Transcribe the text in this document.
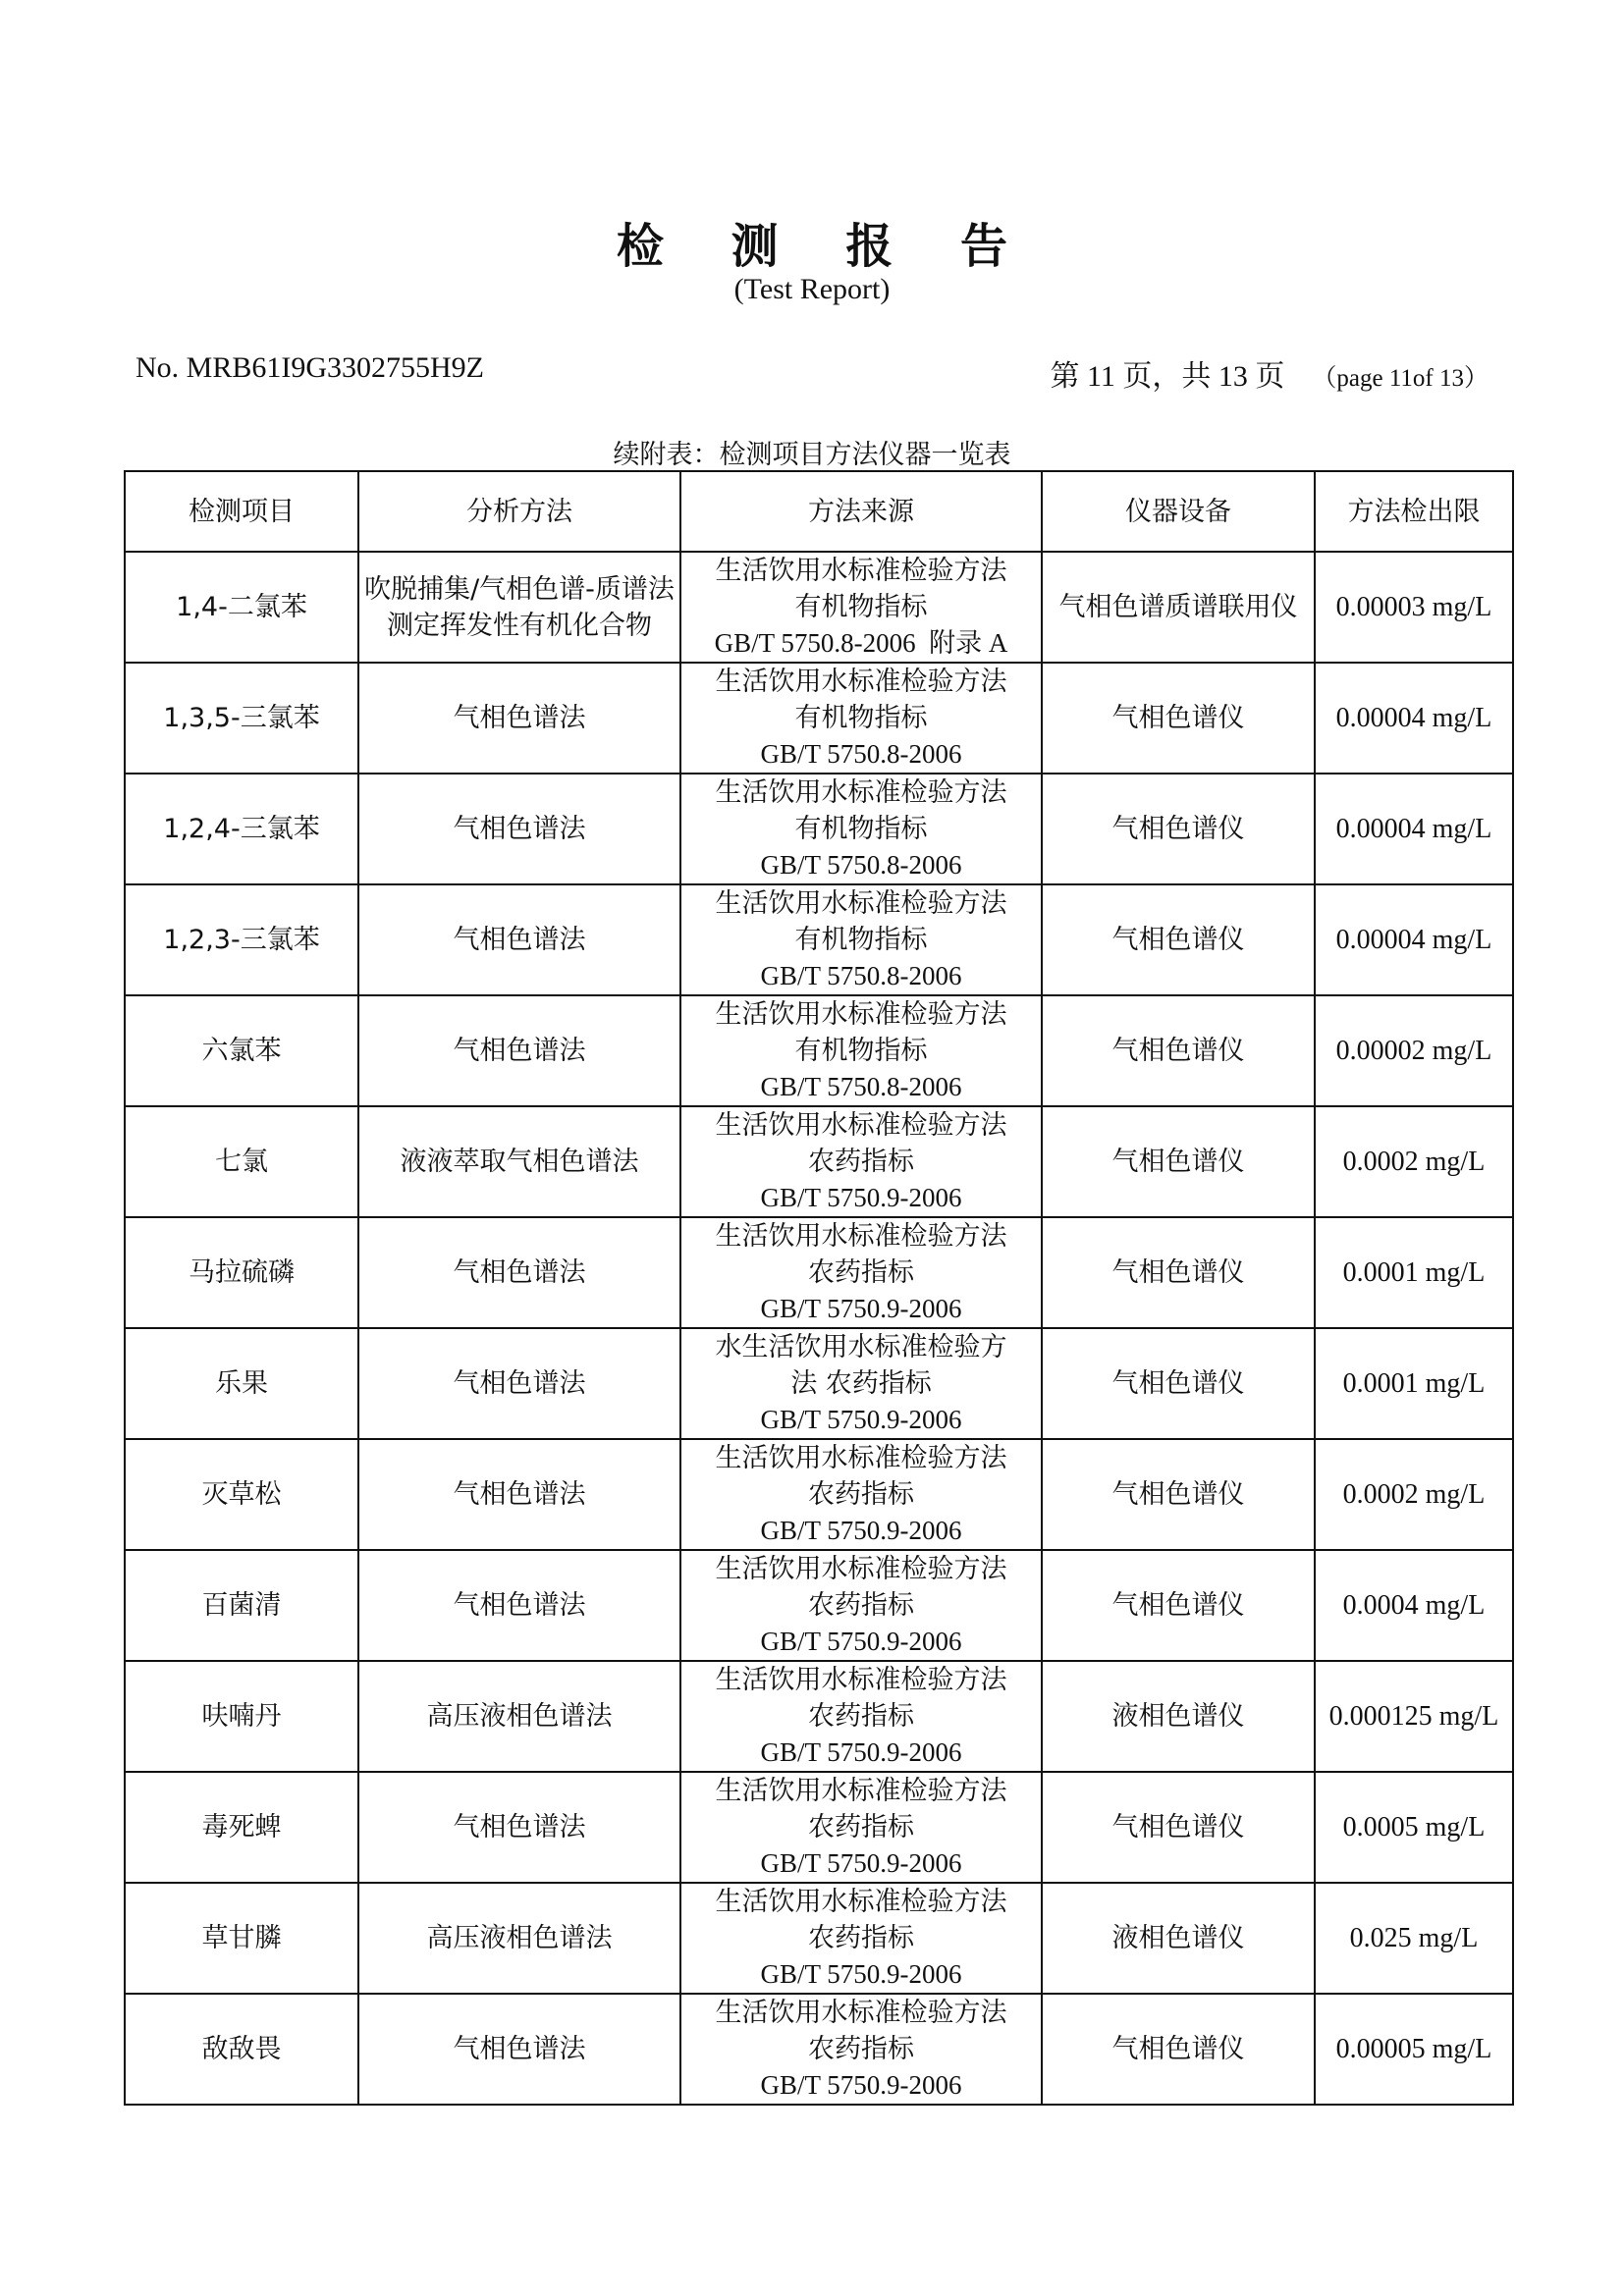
检 测 报 告
(Test Report)
No. MRB61I9G3302755H9Z	第 11 页，共 13 页 （page 11of 13）
续附表：检测项目方法仪器一览表
检测项目	分析方法	方法来源	仪器设备	方法检出限
1,4-二氯苯	吹脱捕集/气相色谱-质谱法测定挥发性有机化合物	生活饮用水标准检验方法
有机物指标
GB/T 5750.8-2006  附录 A	气相色谱质谱联用仪	0.00003 mg/L
1,3,5-三氯苯	气相色谱法	生活饮用水标准检验方法
有机物指标
GB/T 5750.8-2006	气相色谱仪	0.00004 mg/L
1,2,4-三氯苯	气相色谱法	生活饮用水标准检验方法
有机物指标
GB/T 5750.8-2006	气相色谱仪	0.00004 mg/L
1,2,3-三氯苯	气相色谱法	生活饮用水标准检验方法
有机物指标
GB/T 5750.8-2006	气相色谱仪	0.00004 mg/L
六氯苯	气相色谱法	生活饮用水标准检验方法
有机物指标
GB/T 5750.8-2006	气相色谱仪	0.00002 mg/L
七氯	液液萃取气相色谱法	生活饮用水标准检验方法
农药指标
GB/T 5750.9-2006	气相色谱仪	0.0002 mg/L
马拉硫磷	气相色谱法	生活饮用水标准检验方法
农药指标
GB/T 5750.9-2006	气相色谱仪	0.0001 mg/L
乐果	气相色谱法	水生活饮用水标准检验方
法 农药指标
GB/T 5750.9-2006	气相色谱仪	0.0001 mg/L
灭草松	气相色谱法	生活饮用水标准检验方法
农药指标
GB/T 5750.9-2006	气相色谱仪	0.0002 mg/L
百菌清	气相色谱法	生活饮用水标准检验方法
农药指标
GB/T 5750.9-2006	气相色谱仪	0.0004 mg/L
呋喃丹	高压液相色谱法	生活饮用水标准检验方法
农药指标
GB/T 5750.9-2006	液相色谱仪	0.000125 mg/L
毒死蜱	气相色谱法	生活饮用水标准检验方法
农药指标
GB/T 5750.9-2006	气相色谱仪	0.0005 mg/L
草甘膦	高压液相色谱法	生活饮用水标准检验方法
农药指标
GB/T 5750.9-2006	液相色谱仪	0.025 mg/L
敌敌畏	气相色谱法	生活饮用水标准检验方法
农药指标
GB/T 5750.9-2006	气相色谱仪	0.00005 mg/L
